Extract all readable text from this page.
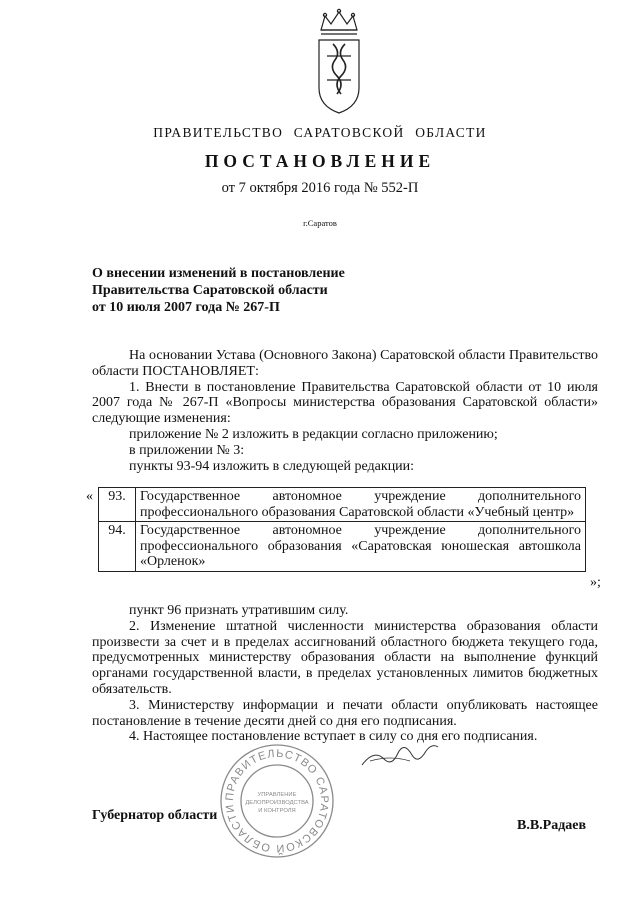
ПРАВИТЕЛЬСТВО САРАТОВСКОЙ ОБЛАСТИ
ПОСТАНОВЛЕНИЕ
от 7 октября 2016 года № 552-П
г.Саратов
О внесении изменений в постановление
Правительства Саратовской области
от 10 июля 2007 года № 267-П

На основании Устава (Основного Закона) Саратовской области Правительство области ПОСТАНОВЛЯЕТ:

1. Внести в постановление Правительства Саратовской области от 10 июля 2007 года № 267-П «Вопросы министерства образования Саратовской области» следующие изменения:

приложение № 2 изложить в редакции согласно приложению;

в приложении № 3:

пункты 93-94 изложить в следующей редакции:

« 93.	Государственное автономное учреждение дополнительного профессионального образования Саратовской области «Учебный центр»
94.	Государственное автономное учреждение дополнительного профессионального образования «Саратовская юношеская автошкола «Орленок»
»;

пункт 96 признать утратившим силу.

2. Изменение штатной численности министерства образования области произвести за счет и в пределах ассигнований областного бюджета текущего года, предусмотренных министерству образования области на выполнение функций органами государственной власти, в пределах установленных лимитов бюджетных обязательств.

3. Министерству информации и печати области опубликовать настоящее постановление в течение десяти дней со дня его подписания.

4. Настоящее постановление вступает в силу со дня его подписания.

ПРАВИТЕЛЬСТВО САРАТОВСКОЙ ОБЛАСТИ
УПРАВЛЕНИЕ
ДЕЛОПРОИЗВОДСТВА
И КОНТРОЛЯ
Губернатор области
В.В.Радаев
